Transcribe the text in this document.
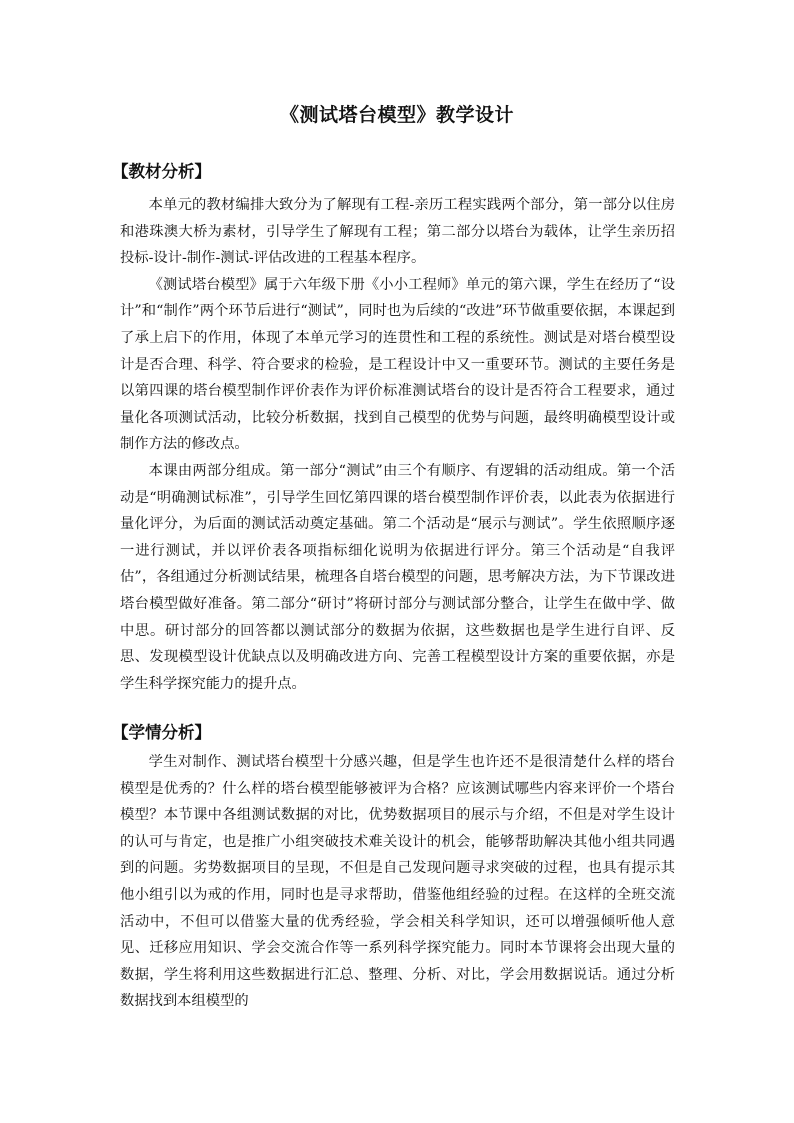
《测试塔台模型》教学设计
【教材分析】

本单元的教材编排大致分为了解现有工程-亲历工程实践两个部分，第一部分以住房和港珠澳大桥为素材，引导学生了解现有工程；第二部分以塔台为载体，让学生亲历招投标-设计-制作-测试-评估改进的工程基本程序。

《测试塔台模型》属于六年级下册《小小工程师》单元的第六课，学生在经历了“设计”和“制作”两个环节后进行“测试”，同时也为后续的“改进”环节做重要依据，本课起到了承上启下的作用，体现了本单元学习的连贯性和工程的系统性。测试是对塔台模型设计是否合理、科学、符合要求的检验，是工程设计中又一重要环节。测试的主要任务是以第四课的塔台模型制作评价表作为评价标准测试塔台的设计是否符合工程要求，通过量化各项测试活动，比较分析数据，找到自己模型的优势与问题，最终明确模型设计或制作方法的修改点。

本课由两部分组成。第一部分“测试”由三个有顺序、有逻辑的活动组成。第一个活动是“明确测试标准”，引导学生回忆第四课的塔台模型制作评价表，以此表为依据进行量化评分，为后面的测试活动奠定基础。第二个活动是“展示与测试”。学生依照顺序逐一进行测试，并以评价表各项指标细化说明为依据进行评分。第三个活动是“自我评估”，各组通过分析测试结果，梳理各自塔台模型的问题，思考解决方法，为下节课改进塔台模型做好准备。第二部分“研讨”将研讨部分与测试部分整合，让学生在做中学、做中思。研讨部分的回答都以测试部分的数据为依据，这些数据也是学生进行自评、反思、发现模型设计优缺点以及明确改进方向、完善工程模型设计方案的重要依据，亦是学生科学探究能力的提升点。

【学情分析】

学生对制作、测试塔台模型十分感兴趣，但是学生也许还不是很清楚什么样的塔台模型是优秀的？什么样的塔台模型能够被评为合格？应该测试哪些内容来评价一个塔台模型？本节课中各组测试数据的对比，优势数据项目的展示与介绍，不但是对学生设计的认可与肯定，也是推广小组突破技术难关设计的机会，能够帮助解决其他小组共同遇到的问题。劣势数据项目的呈现，不但是自己发现问题寻求突破的过程，也具有提示其他小组引以为戒的作用，同时也是寻求帮助，借鉴他组经验的过程。在这样的全班交流活动中，不但可以借鉴大量的优秀经验，学会相关科学知识，还可以增强倾听他人意见、迁移应用知识、学会交流合作等一系列科学探究能力。同时本节课将会出现大量的数据，学生将利用这些数据进行汇总、整理、分析、对比，学会用数据说话。通过分析数据找到本组模型的
